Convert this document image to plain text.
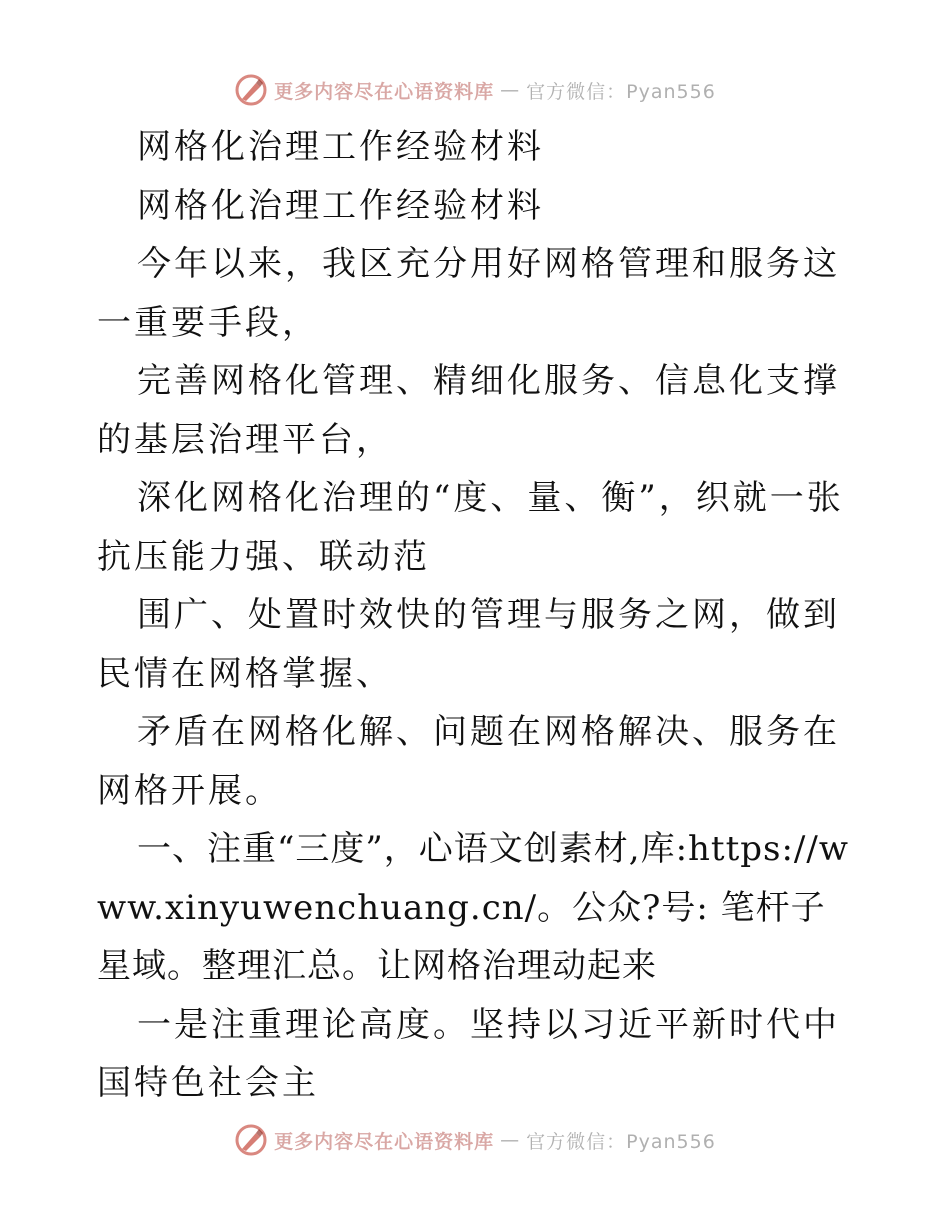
更多内容尽在心语资料库 — 官方微信：Pyan556

网格化治理工作经验材料

网格化治理工作经验材料

今年以来，我区充分用好网格管理和服务这一重要手段，

完善网格化管理、精细化服务、信息化支撑的基层治理平台，

深化网格化治理的“度、量、衡”，织就一张抗压能力强、联动范

围广、处置时效快的管理与服务之网，做到民情在网格掌握、

矛盾在网格化解、问题在网格解决、服务在网格开展。

一、注重“三度”，心语文创素材,库:https://www.xinyuwenchuang.cn/。公众?号: 笔杆子星域。整理汇总。让网格治理动起来

一是注重理论高度。坚持以习近平新时代中国特色社会主

更多内容尽在心语资料库 — 官方微信：Pyan556
